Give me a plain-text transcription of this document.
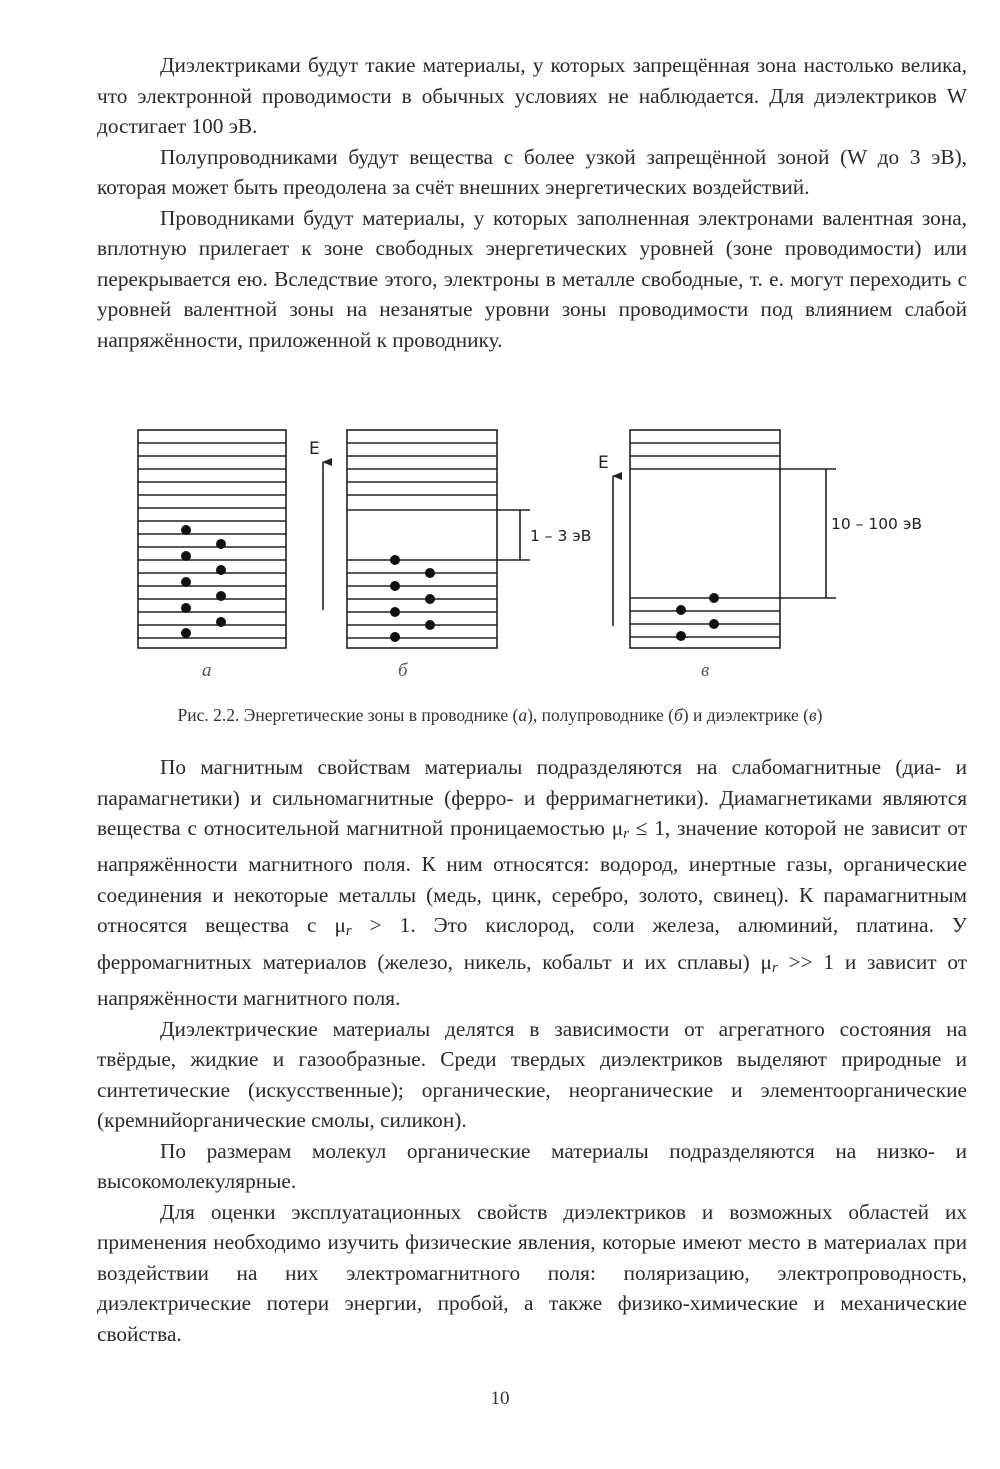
Диэлектриками будут такие материалы, у которых запрещённая зона настолько велика, что электронной проводимости в обычных условиях не наблюдается. Для диэлектриков W достигает 100 эВ.

Полупроводниками будут вещества с более узкой запрещённой зоной (W до 3 эВ), которая может быть преодолена за счёт внешних энергетических воздействий.

Проводниками будут материалы, у которых заполненная электронами валентная зона, вплотную прилегает к зоне свободных энергетических уровней (зоне проводимости) или перекрывается ею. Вследствие этого, электроны в металле свободные, т. е. могут переходить с уровней валентной зоны на незанятые уровни зоны проводимости под влиянием слабой напряжённости, приложенной к проводнику.

E
E
1 – 3 эВ
10 – 100 эВ
а	б	в
Рис. 2.2. Энергетические зоны в проводнике (а), полупроводнике (б) и диэлектрике (в)

По магнитным свойствам материалы подразделяются на слабомагнитные (диа- и парамагнетики) и сильномагнитные (ферро- и ферримагнетики). Диамагнетиками являются вещества с относительной магнитной проницаемостью $\mu_r \le 1$, значение которой не зависит от напряжённости магнитного поля. К ним относятся: водород, инертные газы, органические соединения и некоторые металлы (медь, цинк, серебро, золото, свинец). К парамагнитным относятся вещества с $\mu_r > 1$. Это кислород, соли железа, алюминий, платина. У ферромагнитных материалов (железо, никель, кобальт и их сплавы) $\mu_r >> 1$ и зависит от напряжённости магнитного поля.

Диэлектрические материалы делятся в зависимости от агрегатного состояния на твёрдые, жидкие и газообразные. Среди твердых диэлектриков выделяют природные и синтетические (искусственные); органические, неорганические и элементоорганические (кремнийорганические смолы, силикон).

По размерам молекул органические материалы подразделяются на низко- и высокомолекулярные.

Для оценки эксплуатационных свойств диэлектриков и возможных областей их применения необходимо изучить физические явления, которые имеют место в материалах при воздействии на них электромагнитного поля: поляризацию, электропроводность, диэлектрические потери энергии, пробой, а также физико-химические и механические свойства.

10
